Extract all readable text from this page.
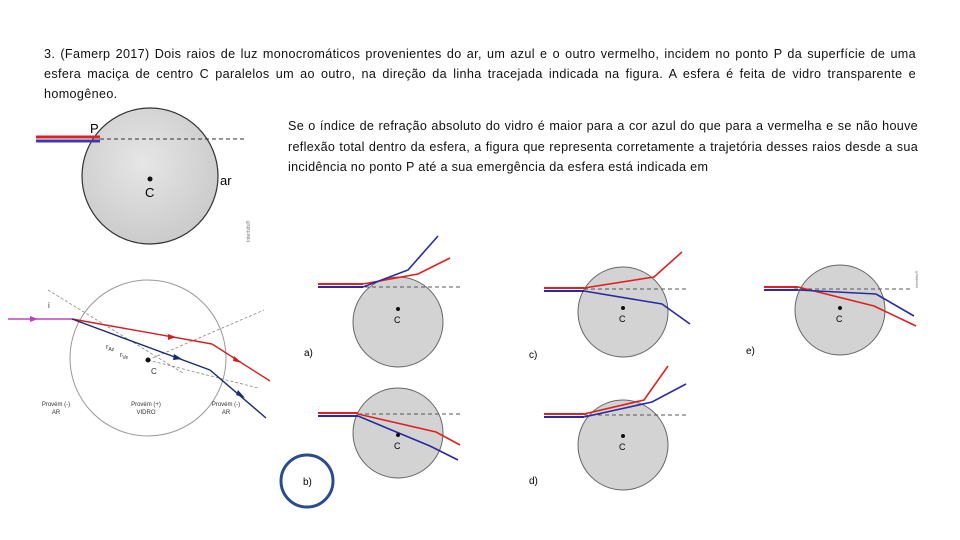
3. (Famerp 2017) Dois raios de luz monocromáticos provenientes do ar, um azul e o outro vermelho, incidem no ponto P da superfície de uma esfera maciça de centro C paralelos um ao outro, na direção da linha tracejada indicada na figura. A esfera é feita de vidro transparente e homogêneo.
Se o índice de refração absoluto do vidro é maior para a cor azul do que para a vermelha e se não houve reflexão total dentro da esfera, a figura que representa corretamente a trajetória desses raios desde a sua incidência no ponto P até a sua emergência da esfera está indicada em
P
C
ar
Interbits®
i
$r_{Az}$
$r_{Ve}$
C
Provém (-)
AR
Provém (+)
VIDRO
Provém (-)
AR
C
a)
C
b)
C
c)
C
d)
C
e)
Interbits®
